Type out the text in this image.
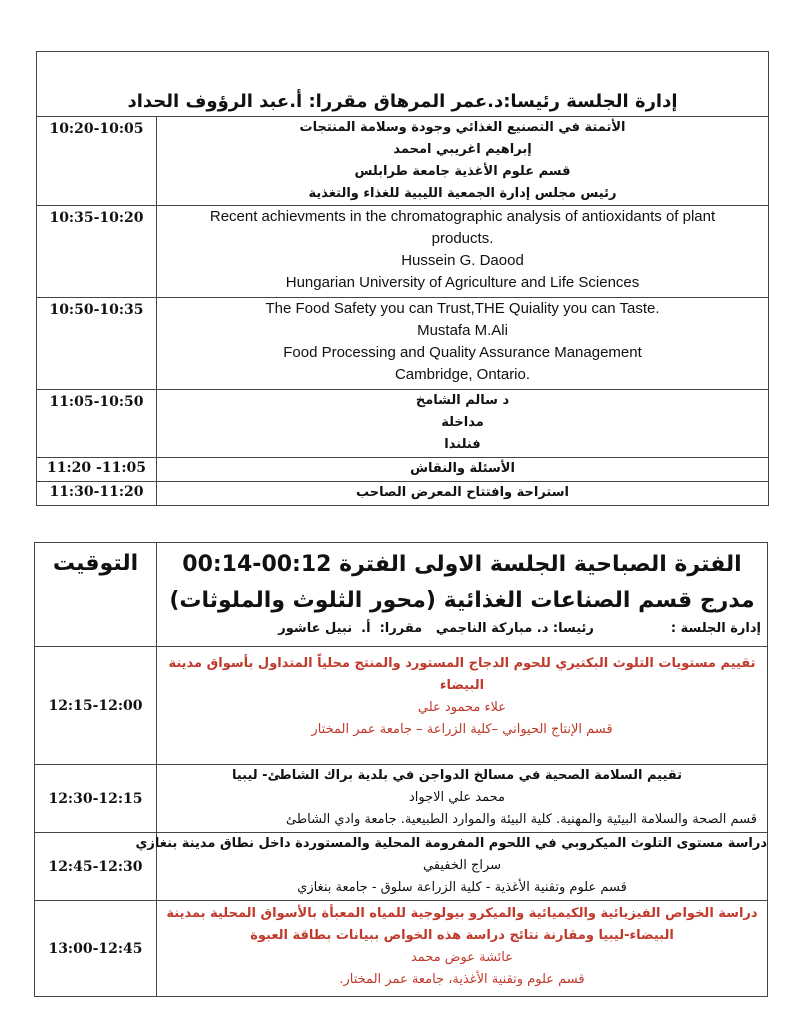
إدارة الجلسة رئيسا:د.عمر المرهاق مقررا: أ.عبد الرؤوف الحداد	
10:20-10:05	الأتمتة في التصنيع الغذائي وجودة وسلامة المنتجات
إبراهيم اغريبي امحمد
قسم علوم الأغذية جامعة طرابلس
رئيس مجلس إدارة الجمعية الليبية للغذاء والتغذية

10:35-10:20	Recent achievments in the chromatographic analysis of antioxidants of plant
products.
Hussein G. Daood
Hungarian University of Agriculture and Life Sciences

10:50-10:35	The Food Safety you can Trust,THE Quiality you can Taste.
Mustafa M.Ali
Food Processing and Quality Assurance Management
Cambridge, Ontario.

11:05-10:50	د سالم الشامخ
مداخلة
فنلندا

11:20 -11:05	الأسئلة والنقاش

11:30-11:20	استراحة وافتتاح المعرض الصاحب
التوقيت	الفترة الصباحية الجلسة الاولى الفترة 00:12-00:14
مدرج قسم الصناعات الغذائية (محور الثلوث والملوثات)
إدارة الجلسة :                 رئيسا: د. مباركة الناجمي   مقررا:  أ.  نبيل عاشور

12:15-12:00	تقييم مستويات التلوث البكتيري للحوم الدجاج المستورد والمنتج محلياً المتداول بأسواق مدينة
البيضاء
علاء محمود علي
قسم الإنتاج الحيواني –كلية الزراعة – جامعة عمر المختار

12:30-12:15	تقييم السلامة الصحية في مسالخ الدواجن في بلدية براك الشاطئ- ليبيا
محمد علي الاجواد
قسم الصحة والسلامة البيئية والمهنية. كلية البيئة والموارد الطبيعية. جامعة وادي الشاطئ

12:45-12:30	دراسة مستوى التلوث الميكروبي في اللحوم المفرومة المحلية والمستوردة داخل نطاق مدينة بنغازي
سراج الخفيفي
قسم علوم وتقنية الأغذية - كلية الزراعة سلوق - جامعة بنغازي

13:00-12:45	دراسة الخواص الفيزيائية والكيميائية والميكرو بيولوجية للمياه المعبأة بالأسواق المحلية بمدينة
البيضاء-ليبيا ومقارنة نتائج دراسة هذه الخواص ببيانات بطاقة العبوة
عائشة عوض محمد
قسم علوم وتقنية الأغذية، جامعة عمر المختار.
